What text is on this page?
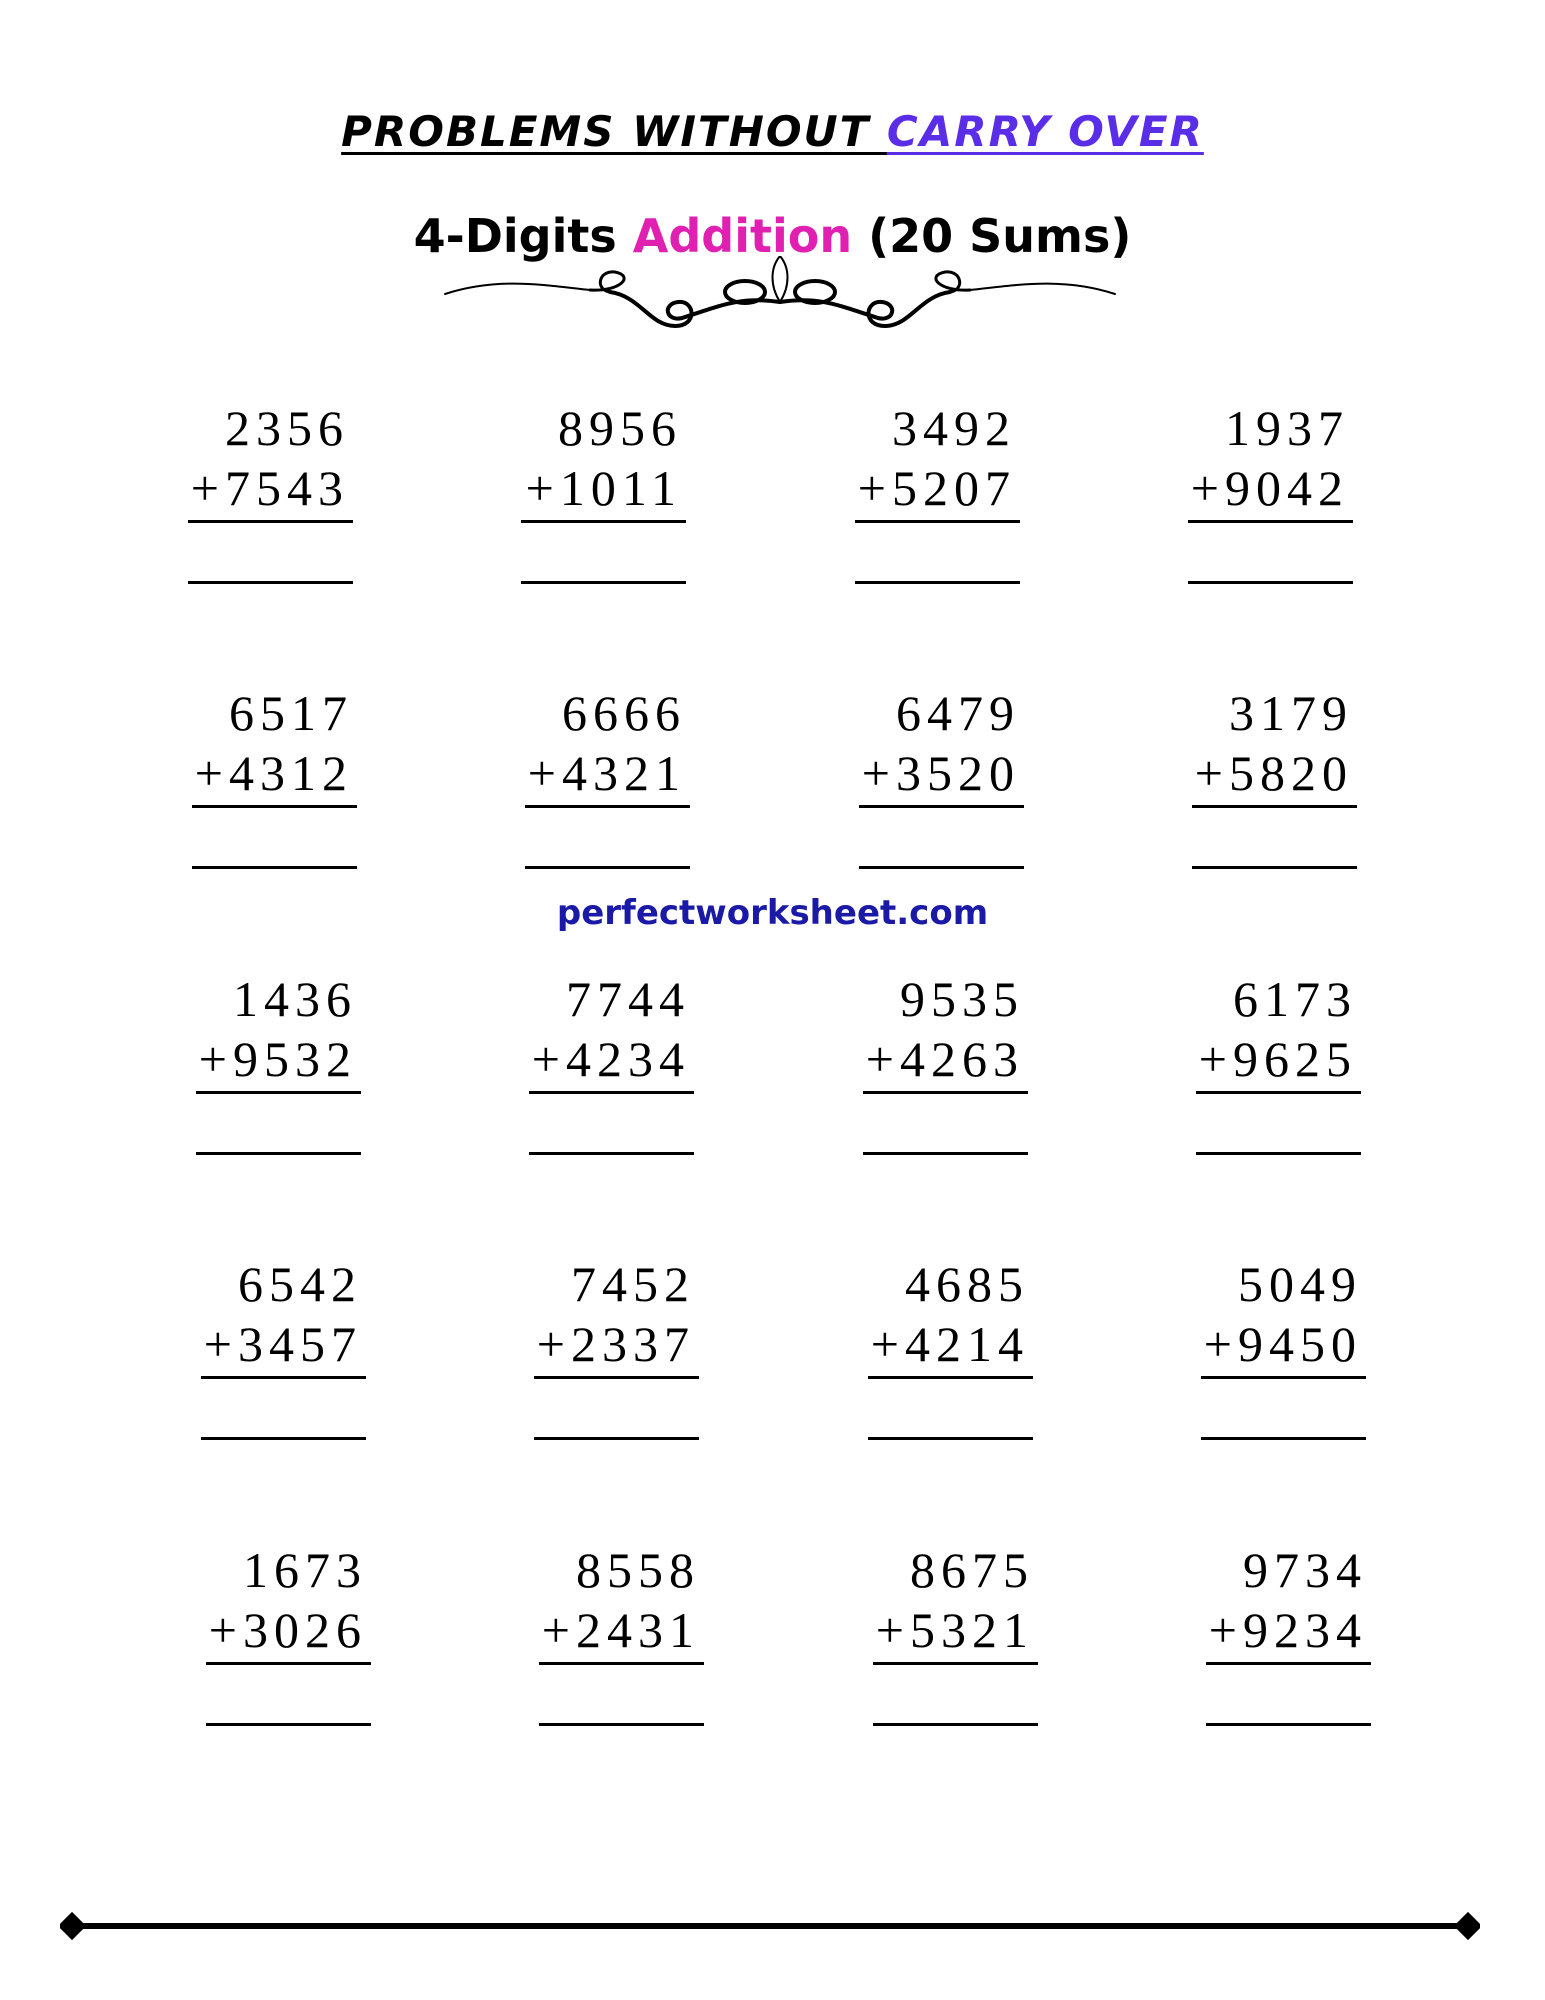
PROBLEMS WITHOUT CARRY OVER
4-Digits Addition (20 Sums)
2356
+7543
8956
+1011
3492
+5207
1937
+9042
6517
+4312
6666
+4321
6479
+3520
3179
+5820
1436
+9532
7744
+4234
9535
+4263
6173
+9625
6542
+3457
7452
+2337
4685
+4214
5049
+9450
1673
+3026
8558
+2431
8675
+5321
9734
+9234
perfectworksheet.com
